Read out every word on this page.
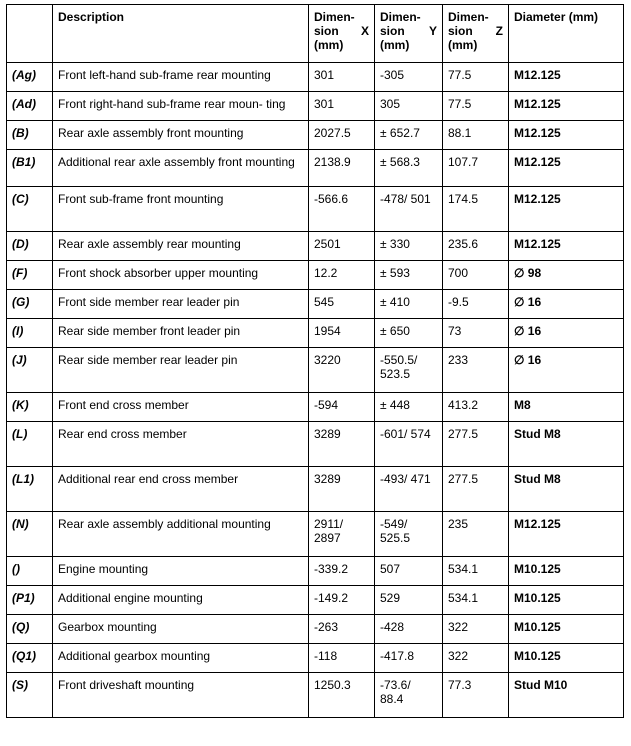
	Description	Dimen- sion X (mm)	Dimen- sion Y (mm)	Dimen- sion Z (mm)	Diameter (mm)
(Ag)	Front left-hand sub-frame rear mounting	301	-305	77.5	M12.125
(Ad)	Front right-hand sub-frame rear moun- ting	301	305	77.5	M12.125
(B)	Rear axle assembly front mounting	2027.5	± 652.7	88.1	M12.125
(B1)	Additional rear axle assembly front mounting	2138.9	± 568.3	107.7	M12.125
(C)	Front sub-frame front mounting	-566.6	-478/ 501	174.5	M12.125
(D)	Rear axle assembly rear mounting	2501	± 330	235.6	M12.125
(F)	Front shock absorber upper mounting	12.2	± 593	700	∅ 98
(G)	Front side member rear leader pin	545	± 410	-9.5	∅ 16
(I)	Rear side member front leader pin	1954	± 650	73	∅ 16
(J)	Rear side member rear leader pin	3220	-550.5/ 523.5	233	∅ 16
(K)	Front end cross member	-594	± 448	413.2	M8
(L)	Rear end cross member	3289	-601/ 574	277.5	Stud M8
(L1)	Additional rear end cross member	3289	-493/ 471	277.5	Stud M8
(N)	Rear axle assembly additional mounting	2911/ 2897	-549/ 525.5	235	M12.125
()	Engine mounting	-339.2	507	534.1	M10.125
(P1)	Additional engine mounting	-149.2	529	534.1	M10.125
(Q)	Gearbox mounting	-263	-428	322	M10.125
(Q1)	Additional gearbox mounting	-118	-417.8	322	M10.125
(S)	Front driveshaft mounting	1250.3	-73.6/ 88.4	77.3	Stud M10
